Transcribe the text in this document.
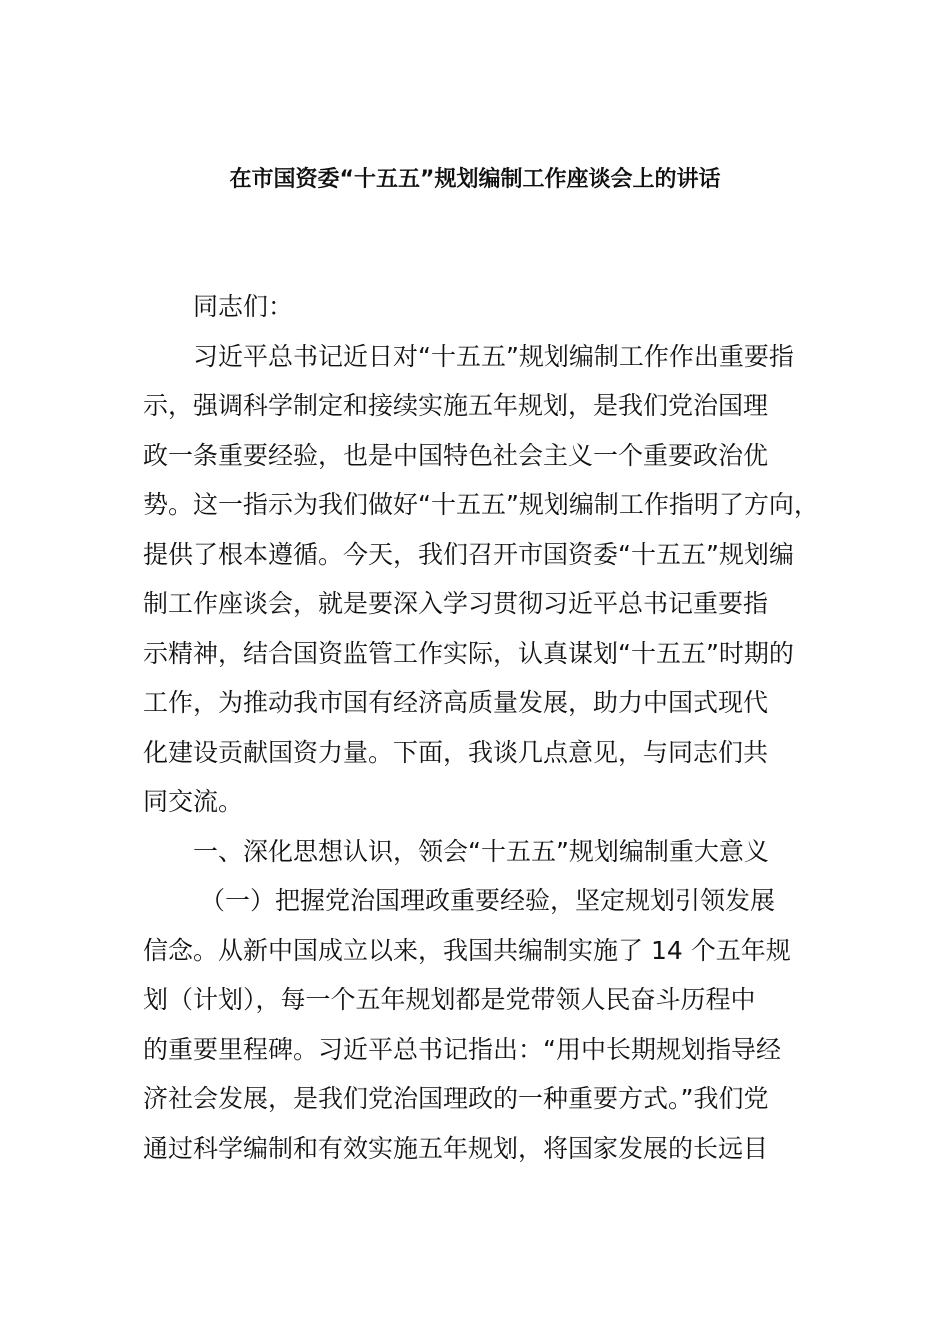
在市国资委“十五五”规划编制工作座谈会上的讲话
同志们：
习近平总书记近日对“十五五”规划编制工作作出重要指
示，强调科学制定和接续实施五年规划，是我们党治国理
政一条重要经验，也是中国特色社会主义一个重要政治优
势。这一指示为我们做好“十五五”规划编制工作指明了方向，
提供了根本遵循。今天，我们召开市国资委“十五五”规划编
制工作座谈会，就是要深入学习贯彻习近平总书记重要指
示精神，结合国资监管工作实际，认真谋划“十五五”时期的
工作，为推动我市国有经济高质量发展，助力中国式现代
化建设贡献国资力量。下面，我谈几点意见，与同志们共
同交流。
一、深化思想认识，领会“十五五”规划编制重大意义
（一）把握党治国理政重要经验，坚定规划引领发展
信念。从新中国成立以来，我国共编制实施了 14 个五年规
划（计划），每一个五年规划都是党带领人民奋斗历程中
的重要里程碑。习近平总书记指出：“用中长期规划指导经
济社会发展，是我们党治国理政的一种重要方式。”我们党
通过科学编制和有效实施五年规划，将国家发展的长远目
